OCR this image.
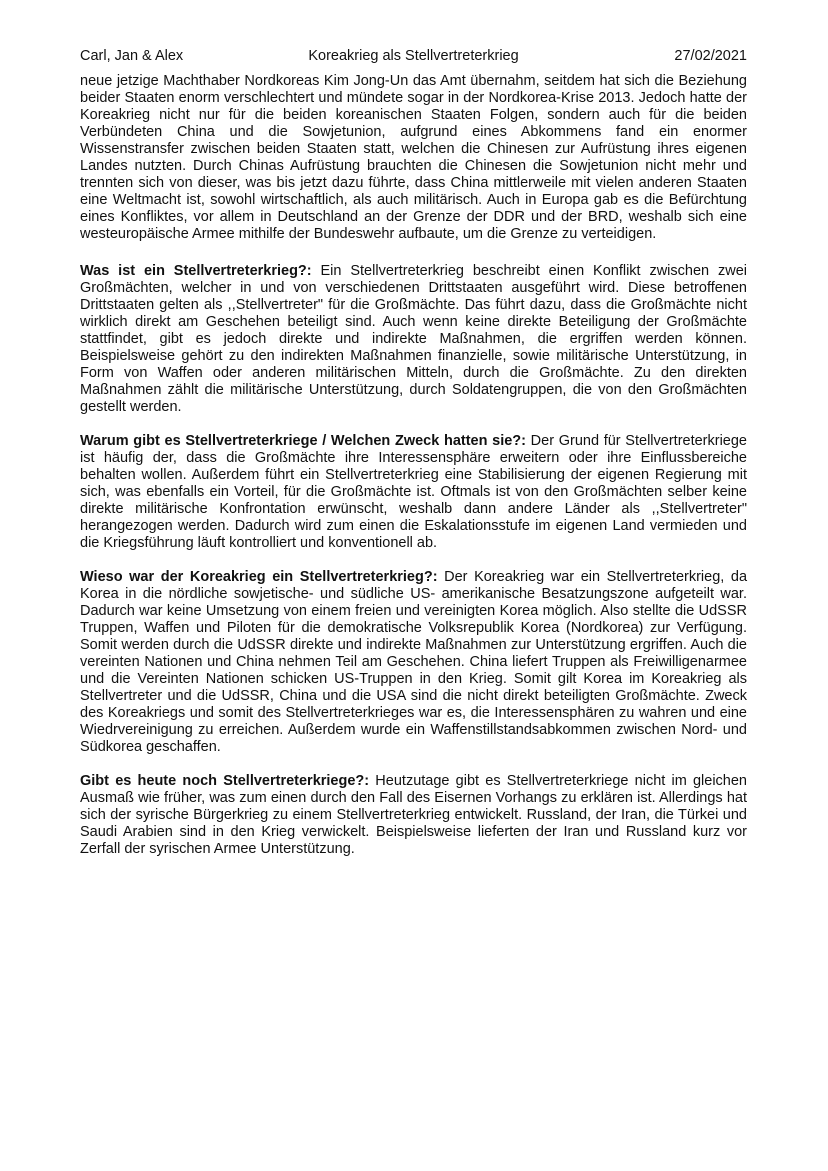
Carl, Jan & Alex	Koreakrieg als Stellvertreterkrieg	27/02/2021

neue jetzige Machthaber Nordkoreas Kim Jong-Un das Amt übernahm, seitdem hat sich die Beziehung beider Staaten enorm verschlechtert und mündete sogar in der Nordkorea-Krise 2013. Jedoch hatte der Koreakrieg nicht nur für die beiden koreanischen Staaten Folgen, sondern auch für die beiden Verbündeten China und die Sowjetunion, aufgrund eines Abkommens fand ein enormer Wissenstransfer zwischen beiden Staaten statt, welchen die Chinesen zur Aufrüstung ihres eigenen Landes nutzten. Durch Chinas Aufrüstung brauchten die Chinesen die Sowjetunion nicht mehr und trennten sich von dieser, was bis jetzt dazu führte, dass China mittlerweile mit vielen anderen Staaten eine Weltmacht ist, sowohl wirtschaftlich, als auch militärisch. Auch in Europa gab es die Befürchtung eines Konfliktes, vor allem in Deutschland an der Grenze der DDR und der BRD, weshalb sich eine westeuropäische Armee mithilfe der Bundeswehr aufbaute, um die Grenze zu verteidigen.

Was ist ein Stellvertreterkrieg?: Ein Stellvertreterkrieg beschreibt einen Konflikt zwischen zwei Großmächten, welcher in und von verschiedenen Drittstaaten ausgeführt wird. Diese betroffenen Drittstaaten gelten als ,,Stellvertreter" für die Großmächte. Das führt dazu, dass die Großmächte nicht wirklich direkt am Geschehen beteiligt sind. Auch wenn keine direkte Beteiligung der Großmächte stattfindet, gibt es jedoch direkte und indirekte Maßnahmen, die ergriffen werden können. Beispielsweise gehört zu den indirekten Maßnahmen finanzielle, sowie militärische Unterstützung, in Form von Waffen oder anderen militärischen Mitteln, durch die Großmächte. Zu den direkten Maßnahmen zählt die militärische Unterstützung, durch Soldatengruppen, die von den Großmächten gestellt werden.

Warum gibt es Stellvertreterkriege / Welchen Zweck hatten sie?: Der Grund für Stellvertreterkriege ist häufig der, dass die Großmächte ihre Interessensphäre erweitern oder ihre Einflussbereiche behalten wollen. Außerdem führt ein Stellvertreterkrieg eine Stabilisierung der eigenen Regierung mit sich, was ebenfalls ein Vorteil, für die Großmächte ist. Oftmals ist von den Großmächten selber keine direkte militärische Konfrontation erwünscht, weshalb dann andere Länder als ,,Stellvertreter" herangezogen werden. Dadurch wird zum einen die Eskalationsstufe im eigenen Land vermieden und die Kriegsführung läuft kontrolliert und konventionell ab.

Wieso war der Koreakrieg ein Stellvertreterkrieg?: Der Koreakrieg war ein Stellvertreterkrieg, da Korea in die nördliche sowjetische- und südliche US- amerikanische Besatzungszone aufgeteilt war. Dadurch war keine Umsetzung von einem freien und vereinigten Korea möglich. Also stellte die UdSSR Truppen, Waffen und Piloten für die demokratische Volksrepublik Korea (Nordkorea) zur Verfügung. Somit werden durch die UdSSR direkte und indirekte Maßnahmen zur Unterstützung ergriffen. Auch die vereinten Nationen und China nehmen Teil am Geschehen. China liefert Truppen als Freiwilligenarmee und die Vereinten Nationen schicken US-Truppen in den Krieg. Somit gilt Korea im Koreakrieg als Stellvertreter und die UdSSR, China und die USA sind die nicht direkt beteiligten Großmächte. Zweck des Koreakriegs und somit des Stellvertreterkrieges war es, die Interessensphären zu wahren und eine Wiedrvereinigung zu erreichen. Außerdem wurde ein Waffenstillstandsabkommen zwischen Nord- und Südkorea geschaffen.

Gibt es heute noch Stellvertreterkriege?: Heutzutage gibt es Stellvertreterkriege nicht im gleichen Ausmaß wie früher, was zum einen durch den Fall des Eisernen Vorhangs zu erklären ist. Allerdings hat sich der syrische Bürgerkrieg zu einem Stellvertreterkrieg entwickelt. Russland, der Iran, die Türkei und Saudi Arabien sind in den Krieg verwickelt. Beispielsweise lieferten der Iran und Russland kurz vor Zerfall der syrischen Armee Unterstützung.
